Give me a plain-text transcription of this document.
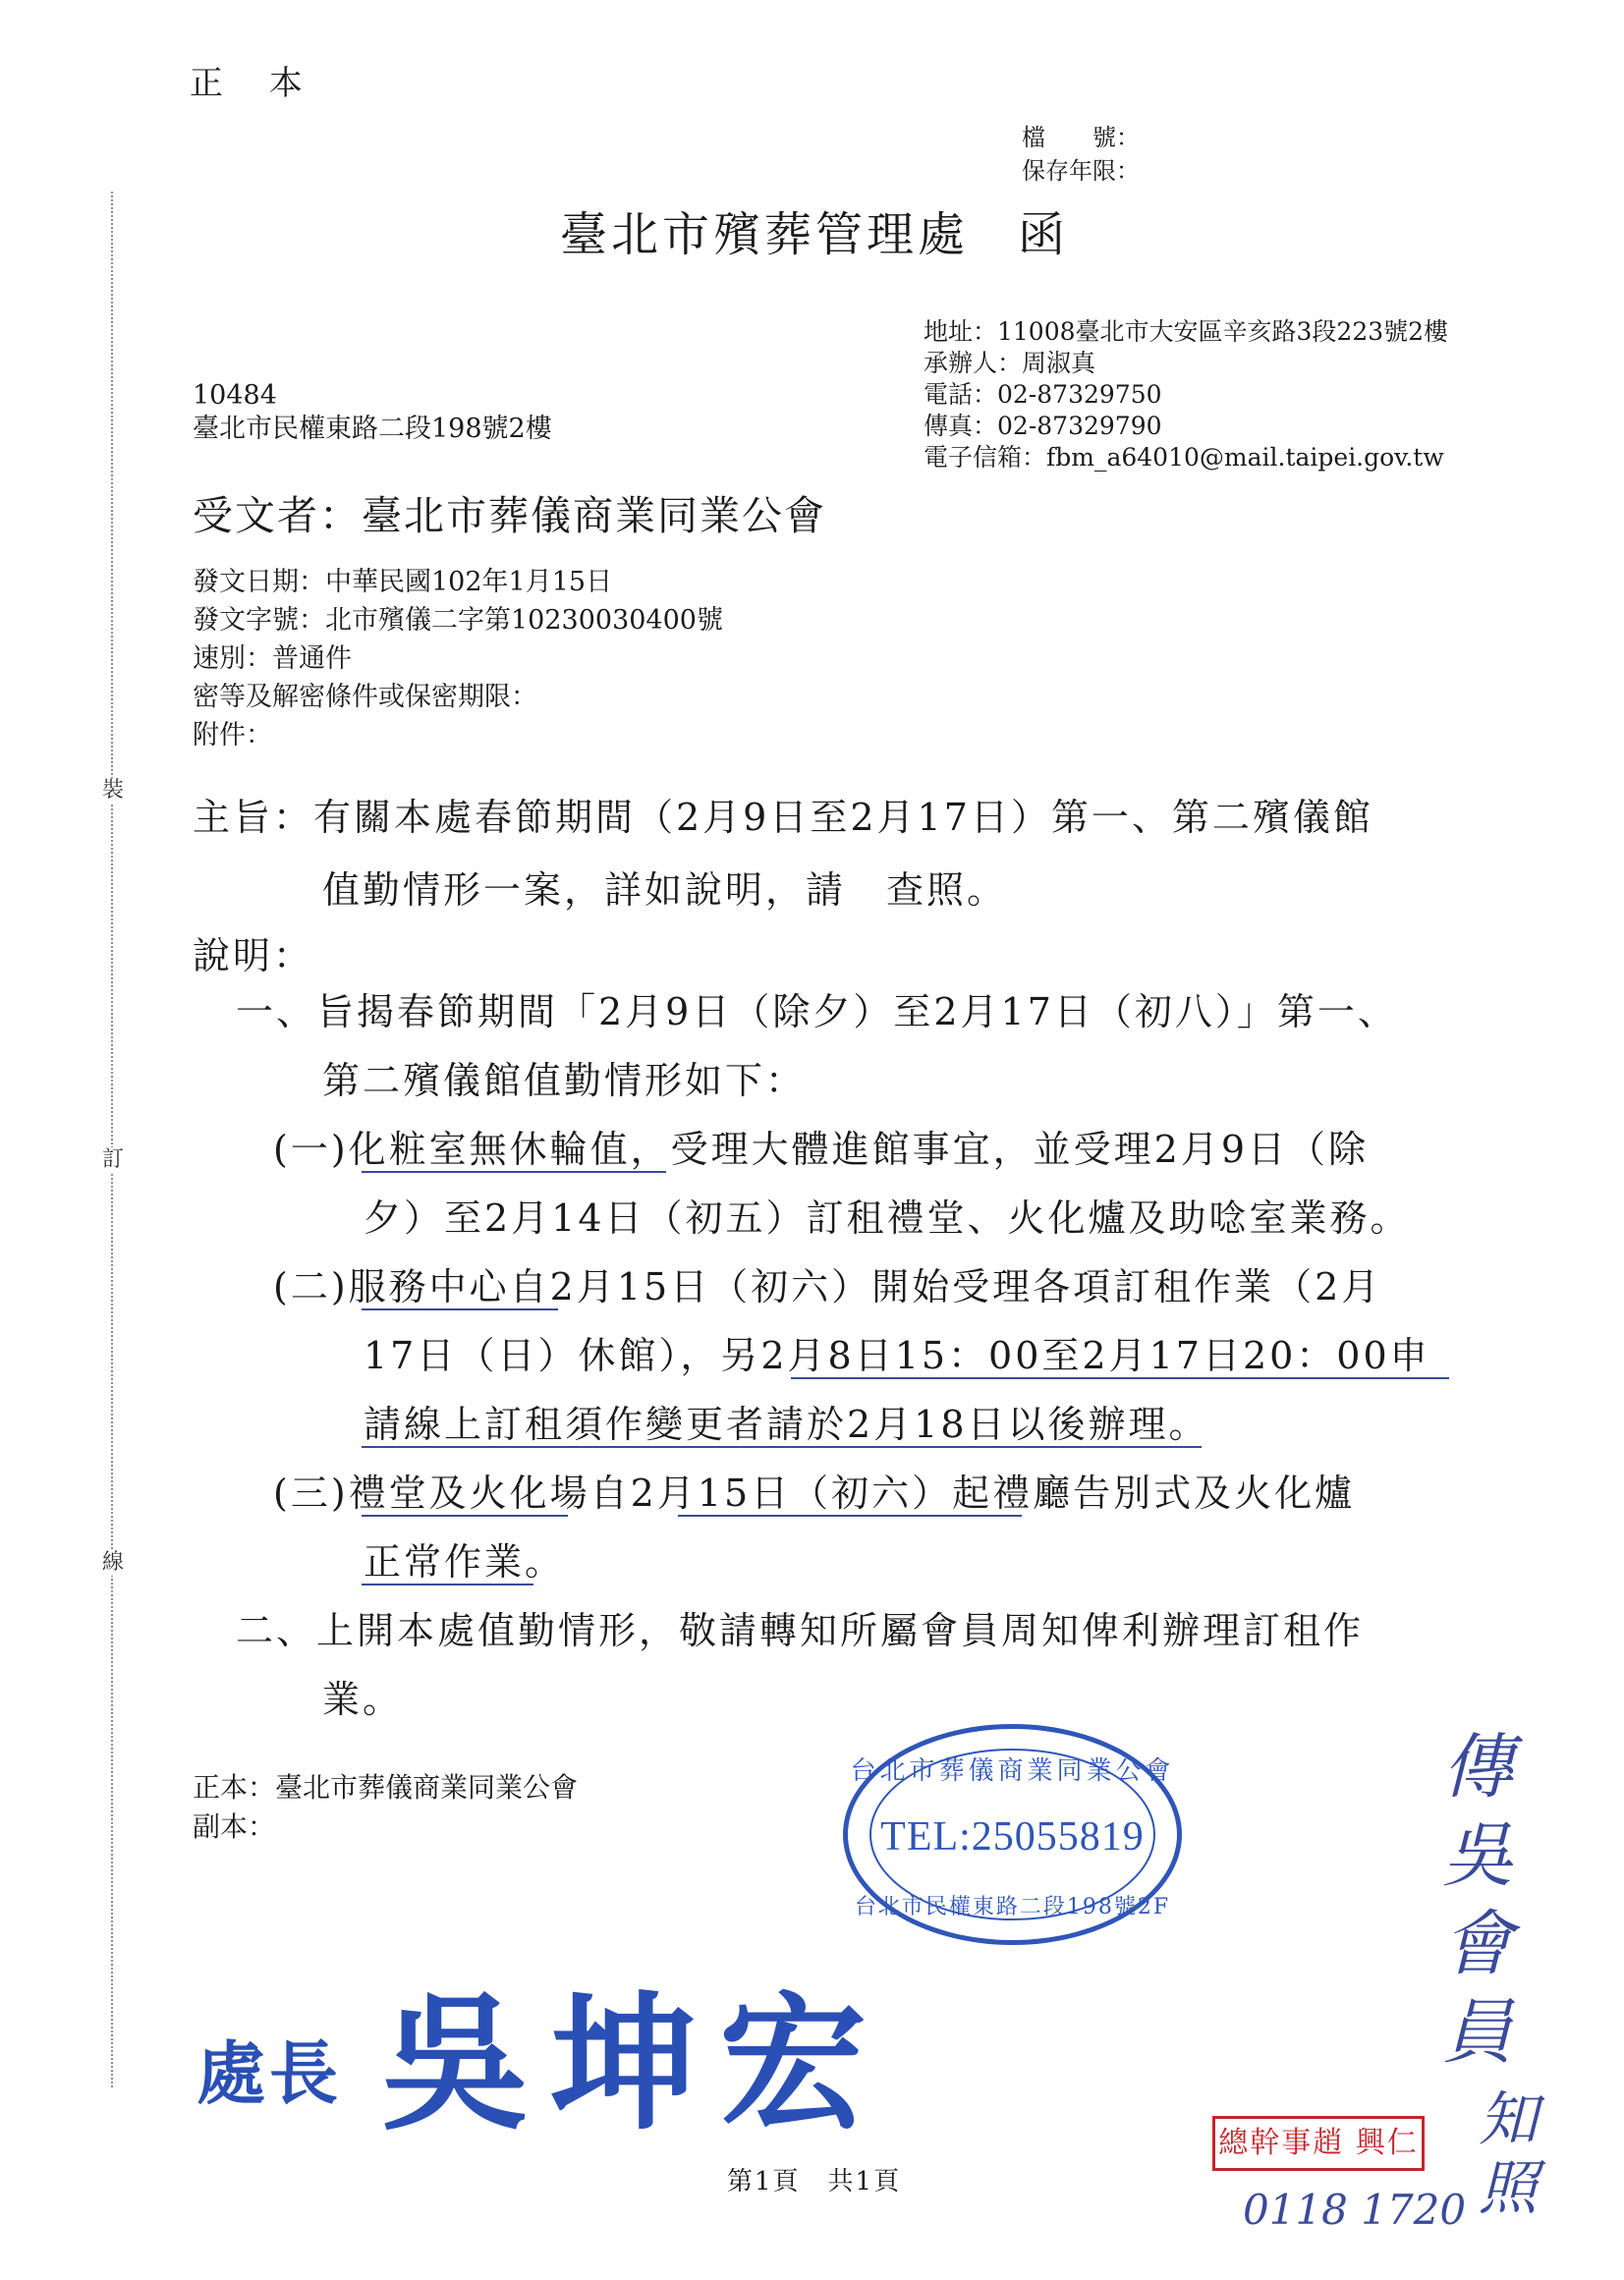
裝
訂
線
正 本
檔　　號：
保存年限：
臺北市殯葬管理處 函
地址：11008臺北市大安區辛亥路3段223號2樓
承辦人：周淑真
電話：02-87329750
傳真：02-87329790
電子信箱：fbm_a64010@mail.taipei.gov.tw
10484
臺北市民權東路二段198號2樓
受文者：臺北市葬儀商業同業公會
發文日期：中華民國102年1月15日
發文字號：北市殯儀二字第10230030400號
速別：普通件
密等及解密條件或保密期限：
附件：
主旨：有關本處春節期間（2月9日至2月17日）第一、第二殯儀館
值勤情形一案，詳如說明，請　查照。
說明：
一、旨揭春節期間「2月9日（除夕）至2月17日（初八）」第一、
第二殯儀館值勤情形如下：
(一)化粧室無休輪值，受理大體進館事宜，並受理2月9日（除
夕）至2月14日（初五）訂租禮堂、火化爐及助唸室業務。
(二)服務中心自2月15日（初六）開始受理各項訂租作業（2月
17日（日）休館），另2月8日15：00至2月17日20：00申
請線上訂租須作變更者請於2月18日以後辦理。
(三)禮堂及火化場自2月15日（初六）起禮廳告別式及火化爐
正常作業。
二、上開本處值勤情形，敬請轉知所屬會員周知俾利辦理訂租作
業。
正本：臺北市葬儀商業同業公會
副本：
台北市葬儀商業同業公會
TEL:25055819
台北市民權東路二段198號2F
處長 吳坤宏	傳吳會員
總幹事趙 興仁 知照
0118 1720
第1頁　共1頁
